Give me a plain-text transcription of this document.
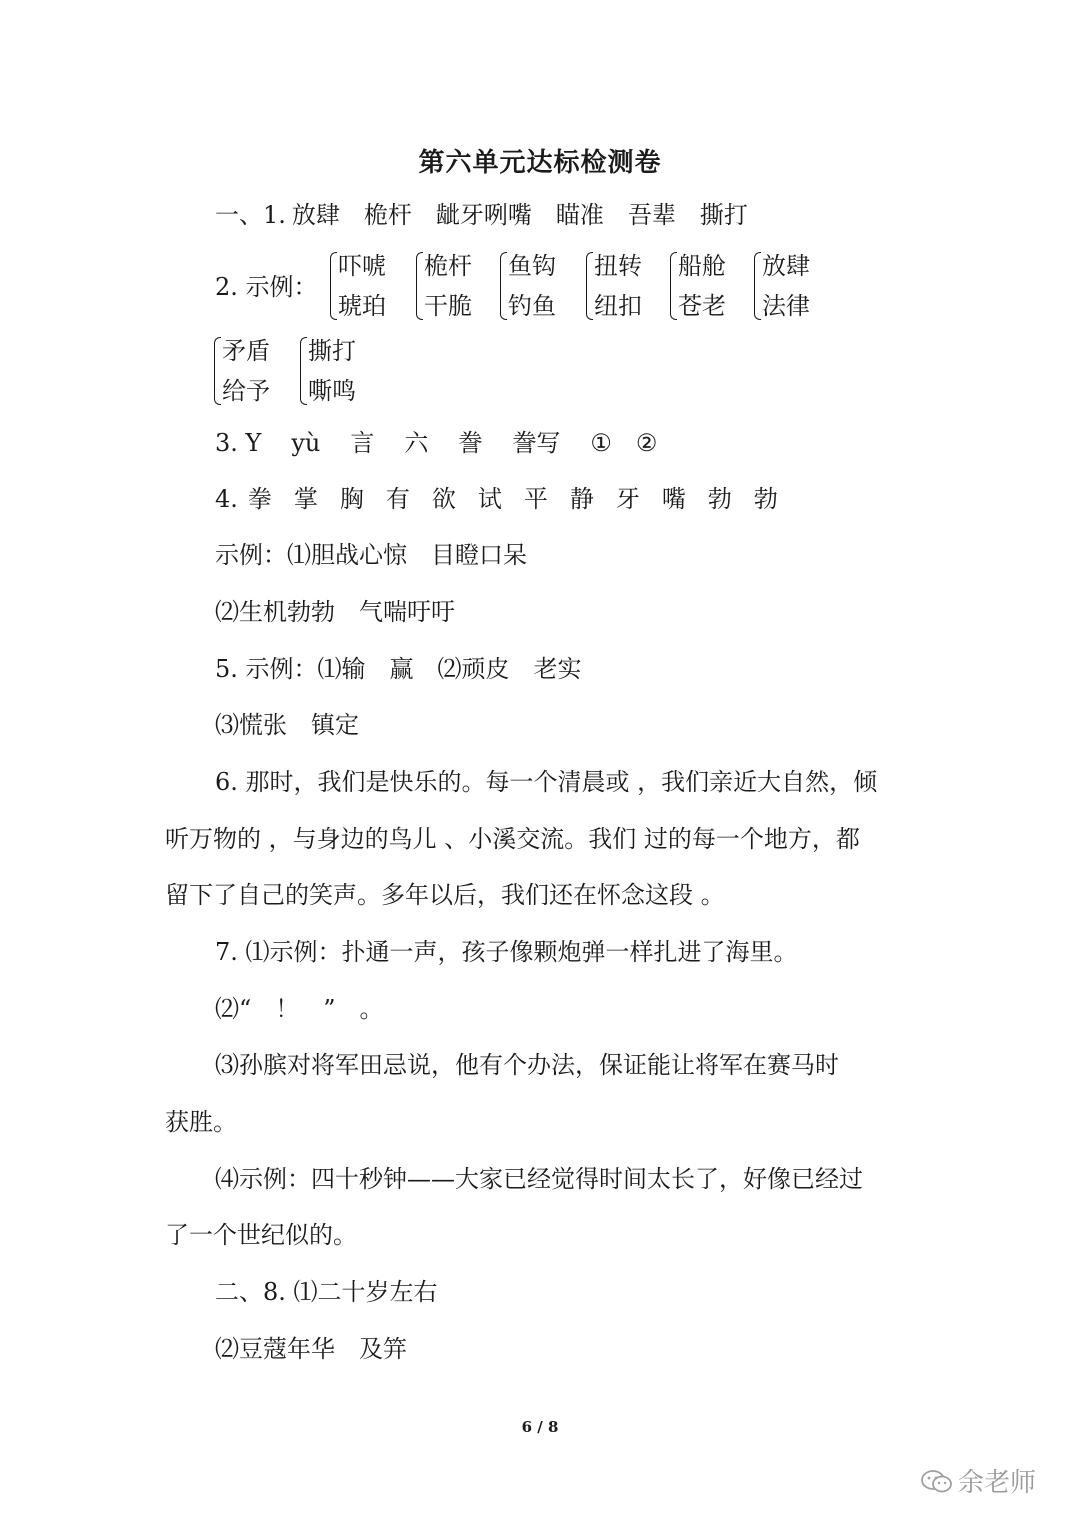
第六单元达标检测卷
一、1. 放肆 桅杆 龇牙咧嘴 瞄准 吾辈 撕打
2. 示例：
吓唬
琥珀
桅杆
干脆
鱼钩
钓鱼
扭转
纽扣
船舱
苍老
放肆
法律
矛盾
给予
撕打
嘶鸣
3. Y yù 言 六 誊 誊写 ① ②
4. 拳 掌 胸 有 欲 试 平 静 牙 嘴 勃 勃
示例：⑴胆战心惊　目瞪口呆
⑵生机勃勃　气喘吁吁
5. 示例：⑴输　赢　⑵顽皮　老实
⑶慌张　镇定
6. 那时，我们是快乐的。每一个清晨或 ，我们亲近大自然，倾
听万物的 ，与身边的鸟儿 、小溪交流。我们 过的每一个地方，都
留下了自己的笑声。多年以后，我们还在怀念这段 。
7. ⑴示例：扑通一声，孩子像颗炮弹一样扎进了海里。
⑵“　！　”　。
⑶孙膑对将军田忌说，他有个办法，保证能让将军在赛马时
获胜。
⑷示例：四十秒钟——大家已经觉得时间太长了，好像已经过
了一个世纪似的。
二、8. ⑴二十岁左右
⑵豆蔻年华　及笄
6 / 8
余老师
